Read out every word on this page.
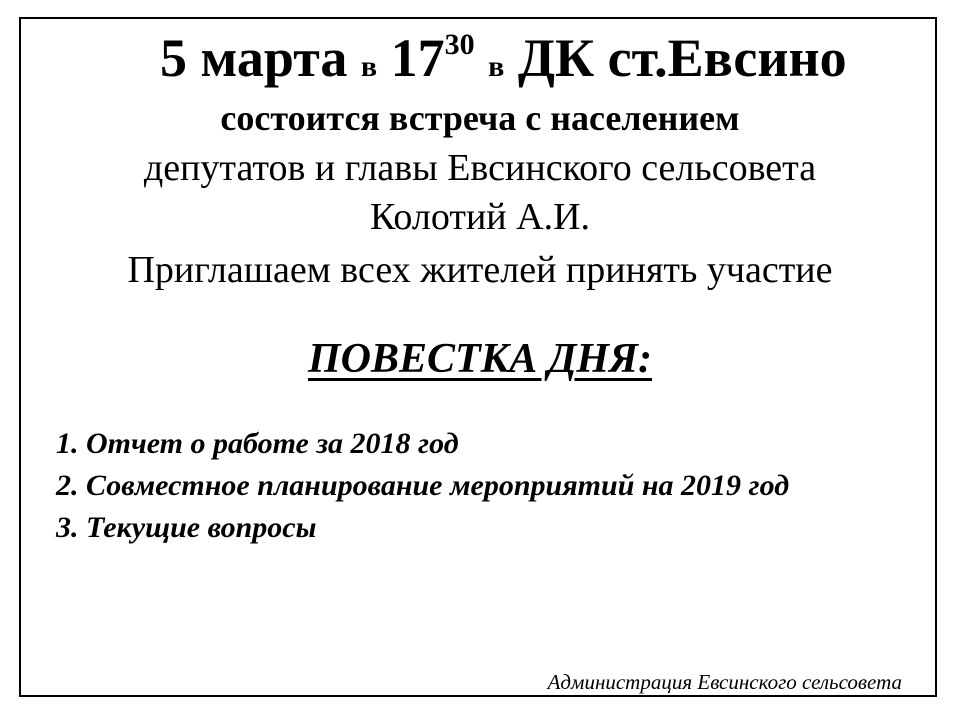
5 марта в $17^{30}$ в ДК ст.Евсино
состоится встреча с населением
депутатов и главы Евсинского сельсовета
Колотий А.И.
Приглашаем всех жителей принять участие
ПОВЕСТКА ДНЯ:
1. Отчет о работе за 2018 год
2. Совместное планирование мероприятий на 2019 год
3. Текущие вопросы
Администрация Евсинского сельсовета
